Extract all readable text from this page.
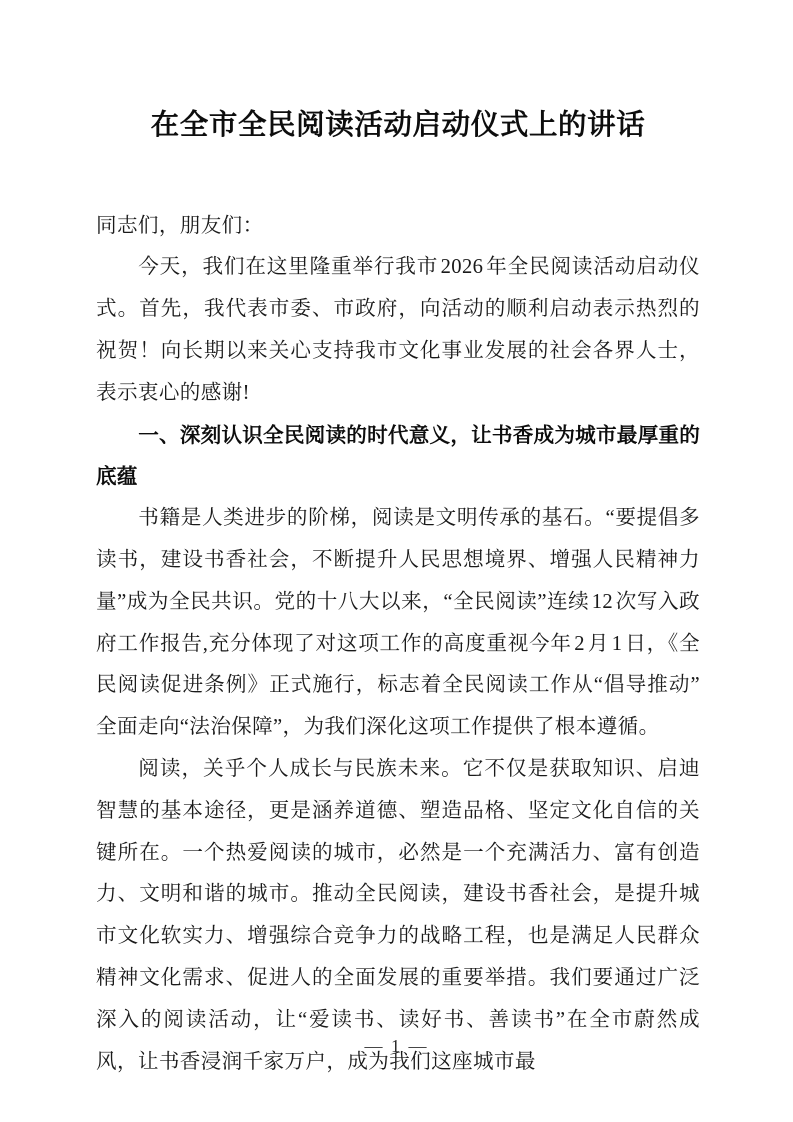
在全市全民阅读活动启动仪式上的讲话

同志们，朋友们：

今天，我们在这里隆重举行我市 2026 年全民阅读活动启动仪式。首先，我代表市委、市政府，向活动的顺利启动表示热烈的祝贺！向长期以来关心支持我市文化事业发展的社会各界人士，表示衷心的感谢!

一、深刻认识全民阅读的时代意义，让书香成为城市最厚重的底蕴

书籍是人类进步的阶梯，阅读是文明传承的基石。“要提倡多读书，建设书香社会，不断提升人民思想境界、增强人民精神力量”成为全民共识。党的十八大以来，“全民阅读”连续 12 次写入政府工作报告,充分体现了对这项工作的高度重视今年 2 月 1 日，《全民阅读促进条例》正式施行，标志着全民阅读工作从“倡导推动”全面走向“法治保障”，为我们深化这项工作提供了根本遵循。

阅读，关乎个人成长与民族未来。它不仅是获取知识、启迪智慧的基本途径，更是涵养道德、塑造品格、坚定文化自信的关键所在。一个热爱阅读的城市，必然是一个充满活力、富有创造力、文明和谐的城市。推动全民阅读，建设书香社会，是提升城市文化软实力、增强综合竞争力的战略工程，也是满足人民群众精神文化需求、促进人的全面发展的重要举措。我们要通过广泛深入的阅读活动，让“爱读书、读好书、善读书”在全市蔚然成风，让书香浸润千家万户，成为我们这座城市最

— 1 —
